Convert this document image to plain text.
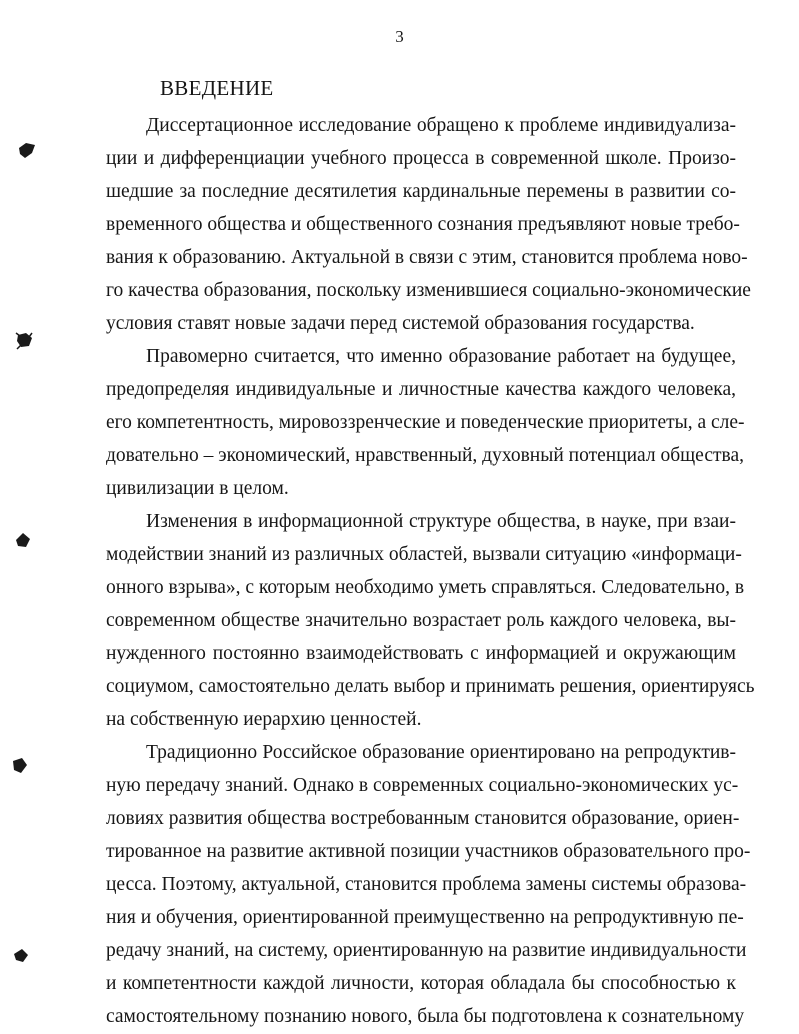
3
ВВЕДЕНИЕ
Диссертационное исследование обращено к проблеме индивидуализа-
ции и дифференциации учебного процесса в современной школе. Произо-
шедшие за последние десятилетия кардинальные перемены в развитии со-
временного общества и общественного сознания предъявляют новые требо-
вания к образованию. Актуальной в связи с этим, становится проблема ново-
го качества образования, поскольку изменившиеся социально-экономические
условия ставят новые задачи перед системой образования государства.
Правомерно считается, что именно образование работает на будущее,
предопределяя индивидуальные и личностные качества каждого человека,
его компетентность, мировоззренческие и поведенческие приоритеты, а сле-
довательно – экономический, нравственный, духовный потенциал общества,
цивилизации в целом.
Изменения в информационной структуре общества, в науке, при взаи-
модействии знаний из различных областей, вызвали ситуацию «информаци-
онного взрыва», с которым необходимо уметь справляться. Следовательно, в
современном обществе значительно возрастает роль каждого человека, вы-
нужденного постоянно взаимодействовать с информацией и окружающим
социумом, самостоятельно делать выбор и принимать решения, ориентируясь
на собственную иерархию ценностей.
Традиционно Российское образование ориентировано на репродуктив-
ную передачу знаний. Однако в современных социально-экономических ус-
ловиях развития общества востребованным становится образование, ориен-
тированное на развитие активной позиции участников образовательного про-
цесса. Поэтому, актуальной, становится проблема замены системы образова-
ния и обучения, ориентированной преимущественно на репродуктивную пе-
редачу знаний, на систему, ориентированную на развитие индивидуальности
и компетентности каждой личности, которая обладала бы способностью к
самостоятельному познанию нового, была бы подготовлена к сознательному
